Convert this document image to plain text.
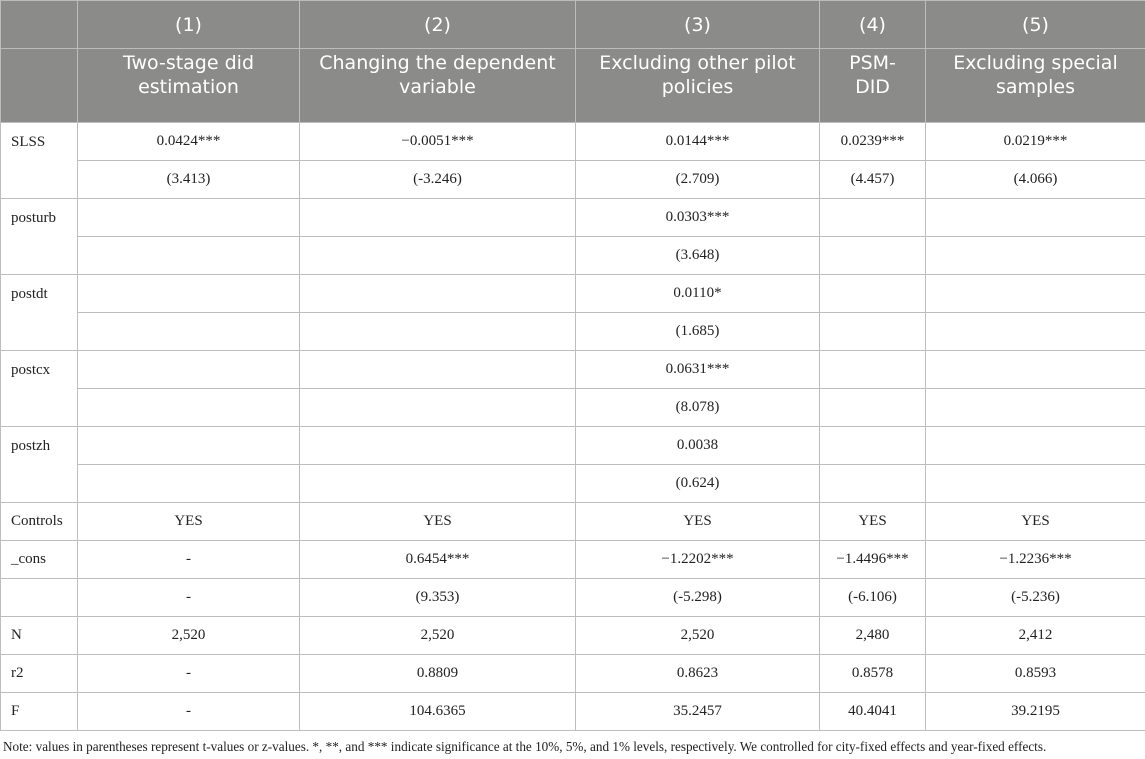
	(1)	(2)	(3)	(4)	(5)
	Two-stage did estimation	Changing the dependent variable	Excluding other pilot policies	PSM-DID	Excluding special samples
SLSS	0.0424***	−0.0051***	0.0144***	0.0239***	0.0219***
	(3.413)	(-3.246)	(2.709)	(4.457)	(4.066)
posturb			0.0303***		
			(3.648)		
postdt			0.0110*		
			(1.685)		
postcx			0.0631***		
			(8.078)		
postzh			0.0038		
			(0.624)		
Controls	YES	YES	YES	YES	YES
_cons	-	0.6454***	−1.2202***	−1.4496***	−1.2236***
	-	(9.353)	(-5.298)	(-6.106)	(-5.236)
N	2,520	2,520	2,520	2,480	2,412
r2	-	0.8809	0.8623	0.8578	0.8593
F	-	104.6365	35.2457	40.4041	39.2195
Note: values in parentheses represent t-values or z-values. *, **, and *** indicate significance at the 10%, 5%, and 1% levels, respectively. We controlled for city-fixed effects and year-fixed effects.
